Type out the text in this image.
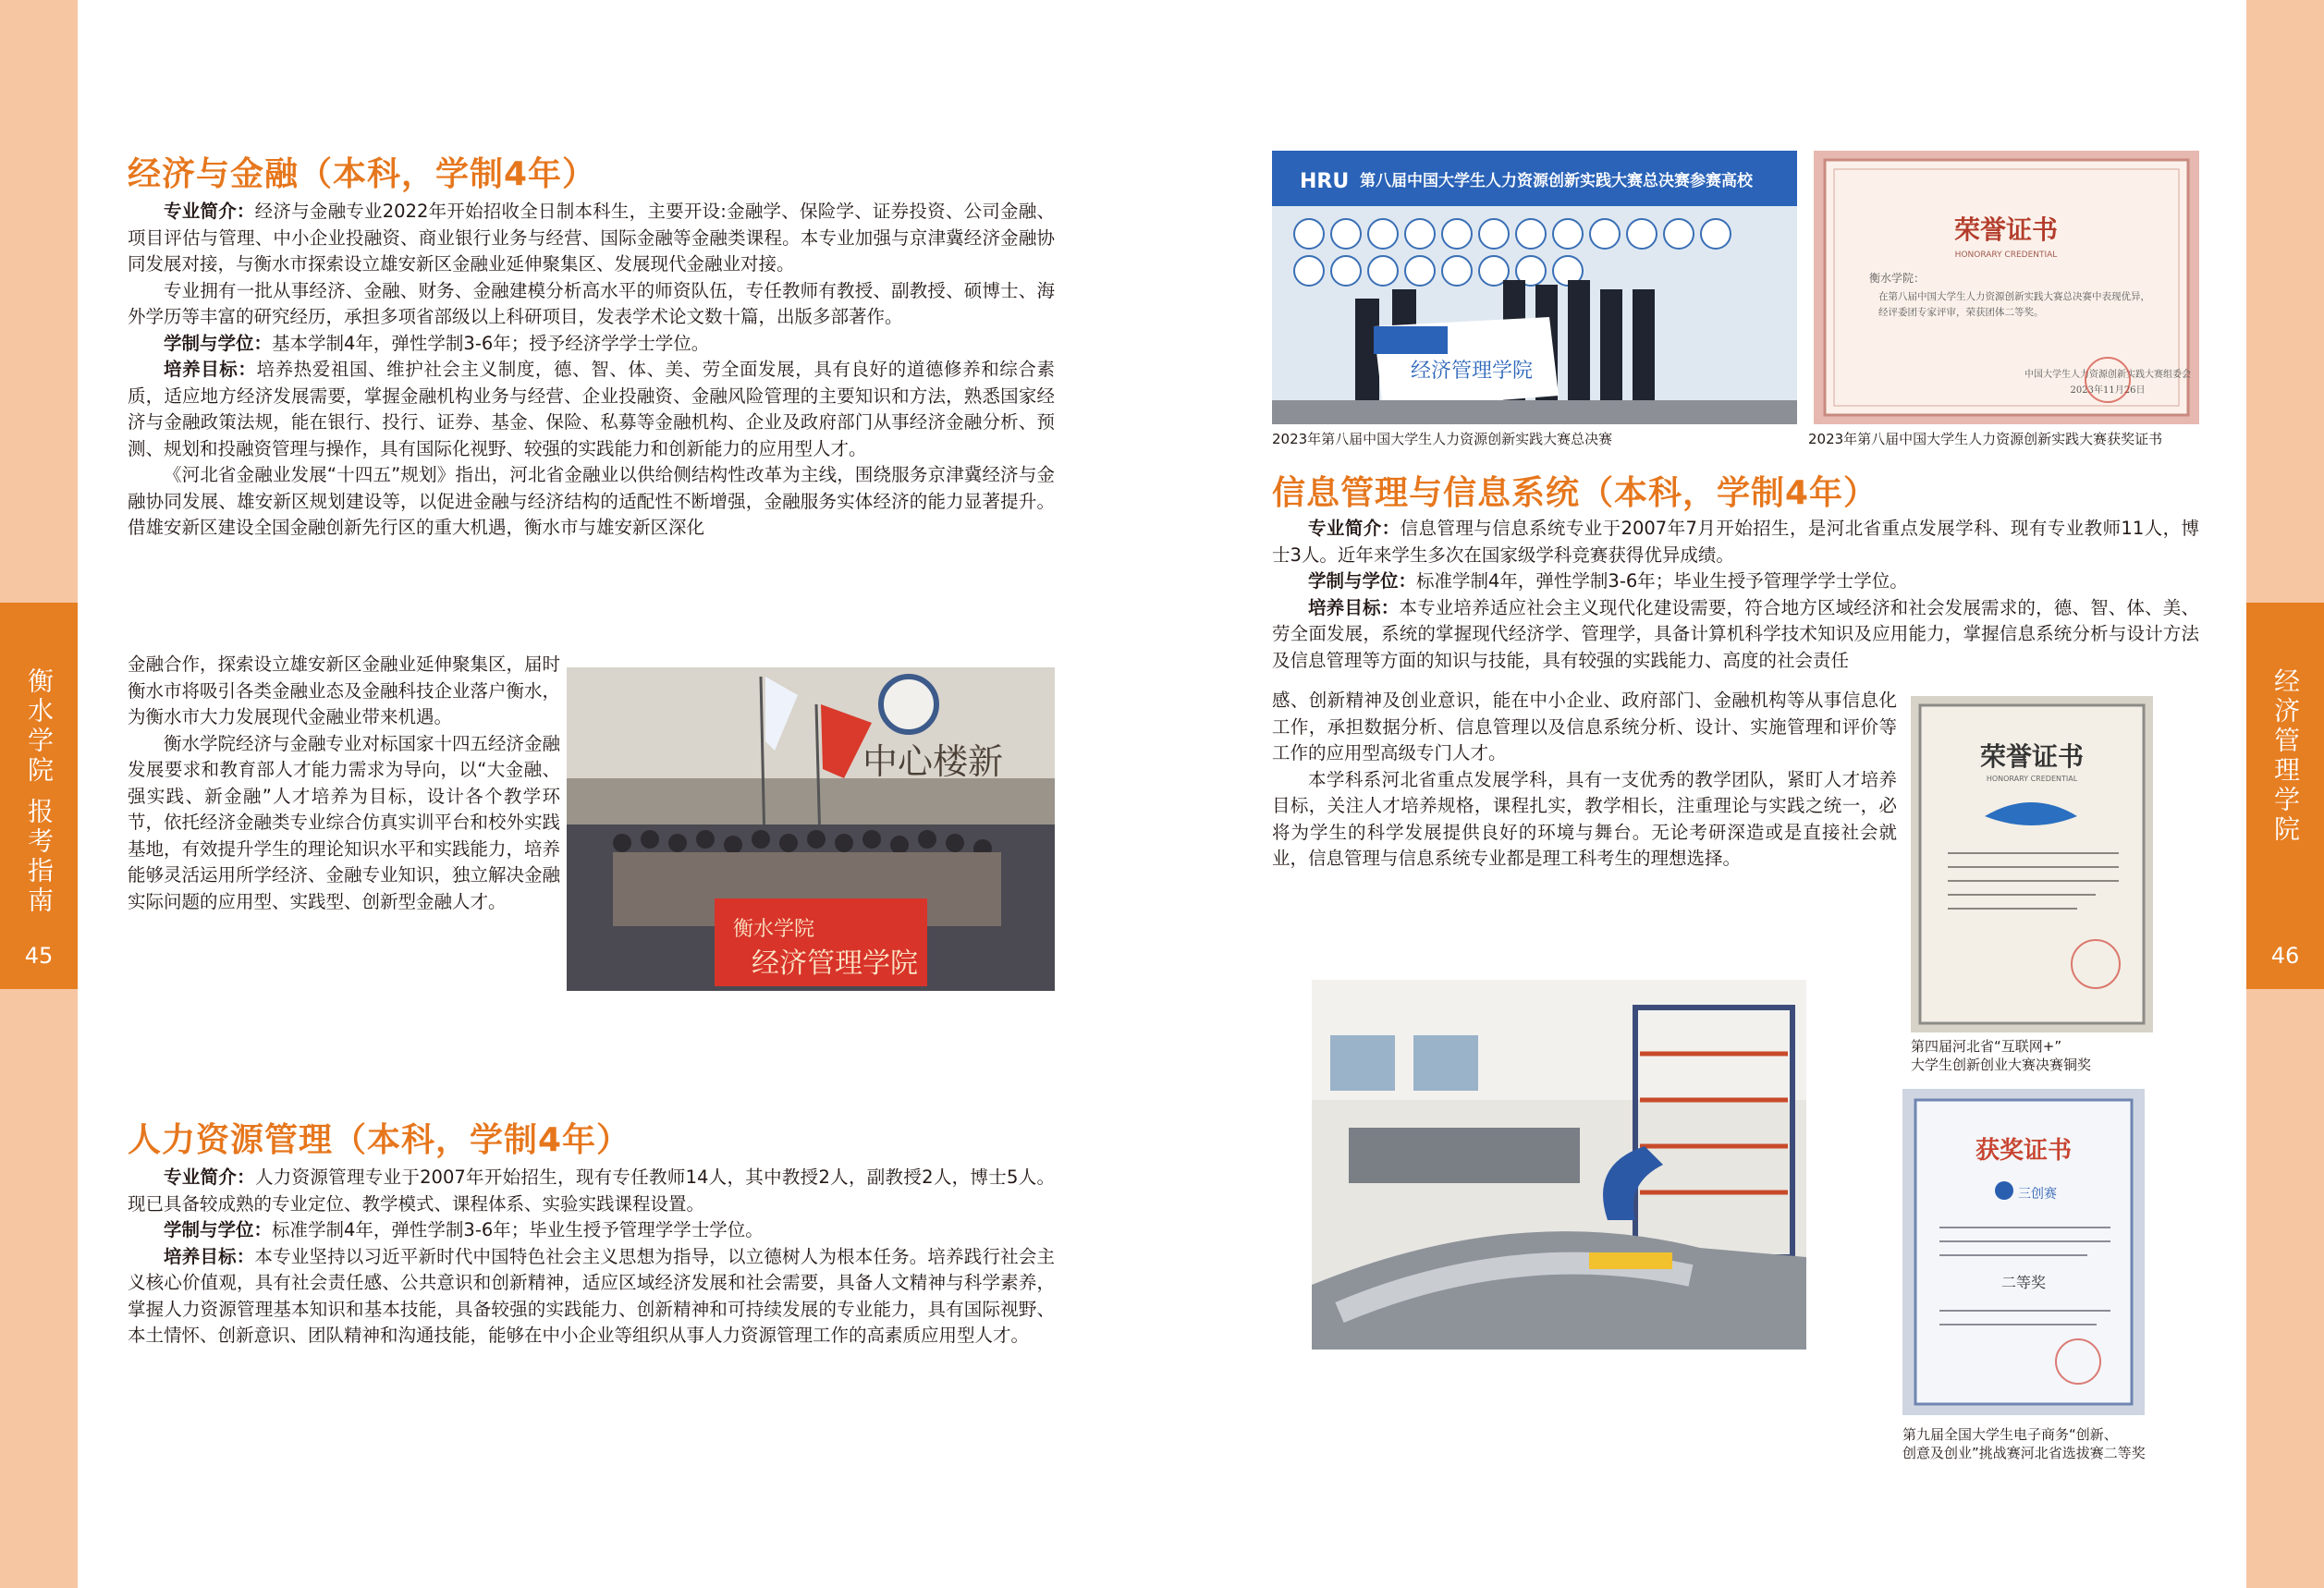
衡水学院 报考指南
45
经济管理学院
46
经济与金融（本科，学制4年）

专业简介：经济与金融专业2022年开始招收全日制本科生，主要开设:金融学、保险学、证券投资、公司金融、项目评估与管理、中小企业投融资、商业银行业务与经营、国际金融等金融类课程。本专业加强与京津冀经济金融协同发展对接，与衡水市探索设立雄安新区金融业延伸聚集区、发展现代金融业对接。

专业拥有一批从事经济、金融、财务、金融建模分析高水平的师资队伍，专任教师有教授、副教授、硕博士、海外学历等丰富的研究经历，承担多项省部级以上科研项目，发表学术论文数十篇，出版多部著作。

学制与学位：基本学制4年，弹性学制3-6年；授予经济学学士学位。

培养目标：培养热爱祖国、维护社会主义制度，德、智、体、美、劳全面发展，具有良好的道德修养和综合素质，适应地方经济发展需要，掌握金融机构业务与经营、企业投融资、金融风险管理的主要知识和方法，熟悉国家经济与金融政策法规，能在银行、投行、证券、基金、保险、私募等金融机构、企业及政府部门从事经济金融分析、预测、规划和投融资管理与操作，具有国际化视野、较强的实践能力和创新能力的应用型人才。

《河北省金融业发展“十四五”规划》指出，河北省金融业以供给侧结构性改革为主线，围绕服务京津冀经济与金融协同发展、雄安新区规划建设等，以促进金融与经济结构的适配性不断增强，金融服务实体经济的能力显著提升。借雄安新区建设全国金融创新先行区的重大机遇，衡水市与雄安新区深化

金融合作，探索设立雄安新区金融业延伸聚集区，届时衡水市将吸引各类金融业态及金融科技企业落户衡水，为衡水市大力发展现代金融业带来机遇。

衡水学院经济与金融专业对标国家十四五经济金融发展要求和教育部人才能力需求为导向，以“大金融、强实践、新金融”人才培养为目标，设计各个教学环节，依托经济金融类专业综合仿真实训平台和校外实践基地，有效提升学生的理论知识水平和实践能力，培养能够灵活运用所学经济、金融专业知识，独立解决金融实际问题的应用型、实践型、创新型金融人才。

中心楼新
衡水学院
经济管理学院
人力资源管理（本科，学制4年）

专业简介：人力资源管理专业于2007年开始招生，现有专任教师14人，其中教授2人，副教授2人，博士5人。现已具备较成熟的专业定位、教学模式、课程体系、实验实践课程设置。

学制与学位：标准学制4年，弹性学制3-6年；毕业生授予管理学学士学位。

培养目标：本专业坚持以习近平新时代中国特色社会主义思想为指导，以立德树人为根本任务。培养践行社会主义核心价值观，具有社会责任感、公共意识和创新精神，适应区域经济发展和社会需要，具备人文精神与科学素养，掌握人力资源管理基本知识和基本技能，具备较强的实践能力、创新精神和可持续发展的专业能力，具有国际视野、本土情怀、创新意识、团队精神和沟通技能，能够在中小企业等组织从事人力资源管理工作的高素质应用型人才。

HRU 第八届中国大学生人力资源创新实践大赛总决赛参赛高校
经济管理学院
2023年第八届中国大学生人力资源创新实践大赛总决赛
荣誉证书
HONORARY CREDENTIAL
衡水学院：
在第八届中国大学生人力资源创新实践大赛总决赛中表现优异，经评委团专家评审，荣获团体二等奖。
中国大学生人力资源创新实践大赛组委会
2023年11月26日
2023年第八届中国大学生人力资源创新实践大赛获奖证书
信息管理与信息系统（本科，学制4年）

专业简介：信息管理与信息系统专业于2007年7月开始招生，是河北省重点发展学科、现有专业教师11人，博士3人。近年来学生多次在国家级学科竞赛获得优异成绩。

学制与学位：标准学制4年，弹性学制3-6年；毕业生授予管理学学士学位。

培养目标：本专业培养适应社会主义现代化建设需要，符合地方区域经济和社会发展需求的，德、智、体、美、劳全面发展，系统的掌握现代经济学、管理学，具备计算机科学技术知识及应用能力，掌握信息系统分析与设计方法及信息管理等方面的知识与技能，具有较强的实践能力、高度的社会责任

感、创新精神及创业意识，能在中小企业、政府部门、金融机构等从事信息化工作，承担数据分析、信息管理以及信息系统分析、设计、实施管理和评价等工作的应用型高级专门人才。

本学科系河北省重点发展学科，具有一支优秀的教学团队，紧盯人才培养目标，关注人才培养规格，课程扎实，教学相长，注重理论与实践之统一，必将为学生的科学发展提供良好的环境与舞台。无论考研深造或是直接社会就业，信息管理与信息系统专业都是理工科考生的理想选择。

荣誉证书
HONORARY CREDENTIAL
第四届河北省“互联网+”
大学生创新创业大赛决赛铜奖
获奖证书
三创赛
二等奖
第九届全国大学生电子商务“创新、
创意及创业”挑战赛河北省选拔赛二等奖
